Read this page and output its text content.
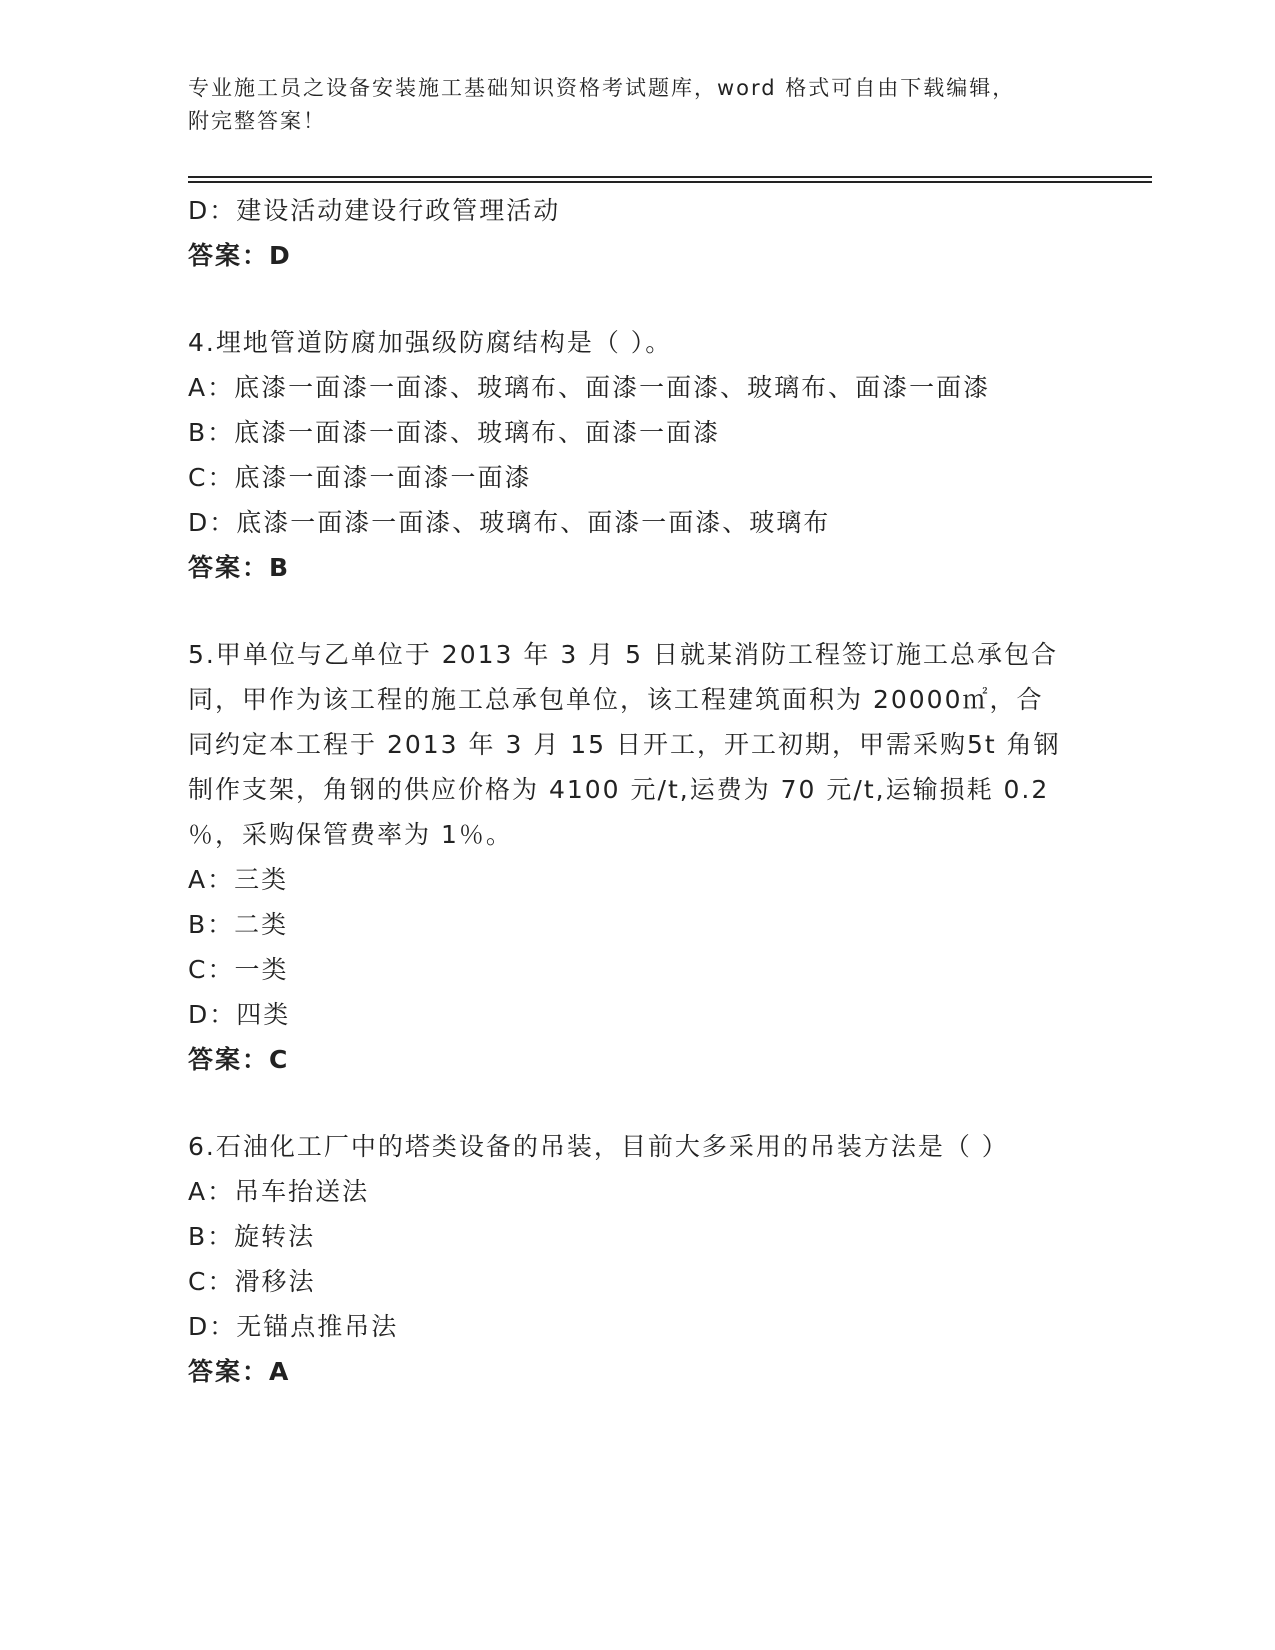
专业施工员之设备安装施工基础知识资格考试题库，word 格式可自由下载编辑，
附完整答案！
D：建设活动建设行政管理活动
答案：D
4.埋地管道防腐加强级防腐结构是（ ）。
A：底漆一面漆一面漆、玻璃布、面漆一面漆、玻璃布、面漆一面漆
B：底漆一面漆一面漆、玻璃布、面漆一面漆
C：底漆一面漆一面漆一面漆
D：底漆一面漆一面漆、玻璃布、面漆一面漆、玻璃布
答案：B
5.甲单位与乙单位于 2013 年 3 月 5 日就某消防工程签订施工总承包合
同，甲作为该工程的施工总承包单位，该工程建筑面积为 20000㎡，合
同约定本工程于 2013 年 3 月 15 日开工，开工初期，甲需采购5t 角钢
制作支架，角钢的供应价格为 4100 元/t,运费为 70 元/t,运输损耗 0.2
％，采购保管费率为 1％。
A：三类
B：二类
C：一类
D：四类
答案：C
6.石油化工厂中的塔类设备的吊装，目前大多采用的吊装方法是（ ）
A：吊车抬送法
B：旋转法
C：滑移法
D：无锚点推吊法
答案：A
